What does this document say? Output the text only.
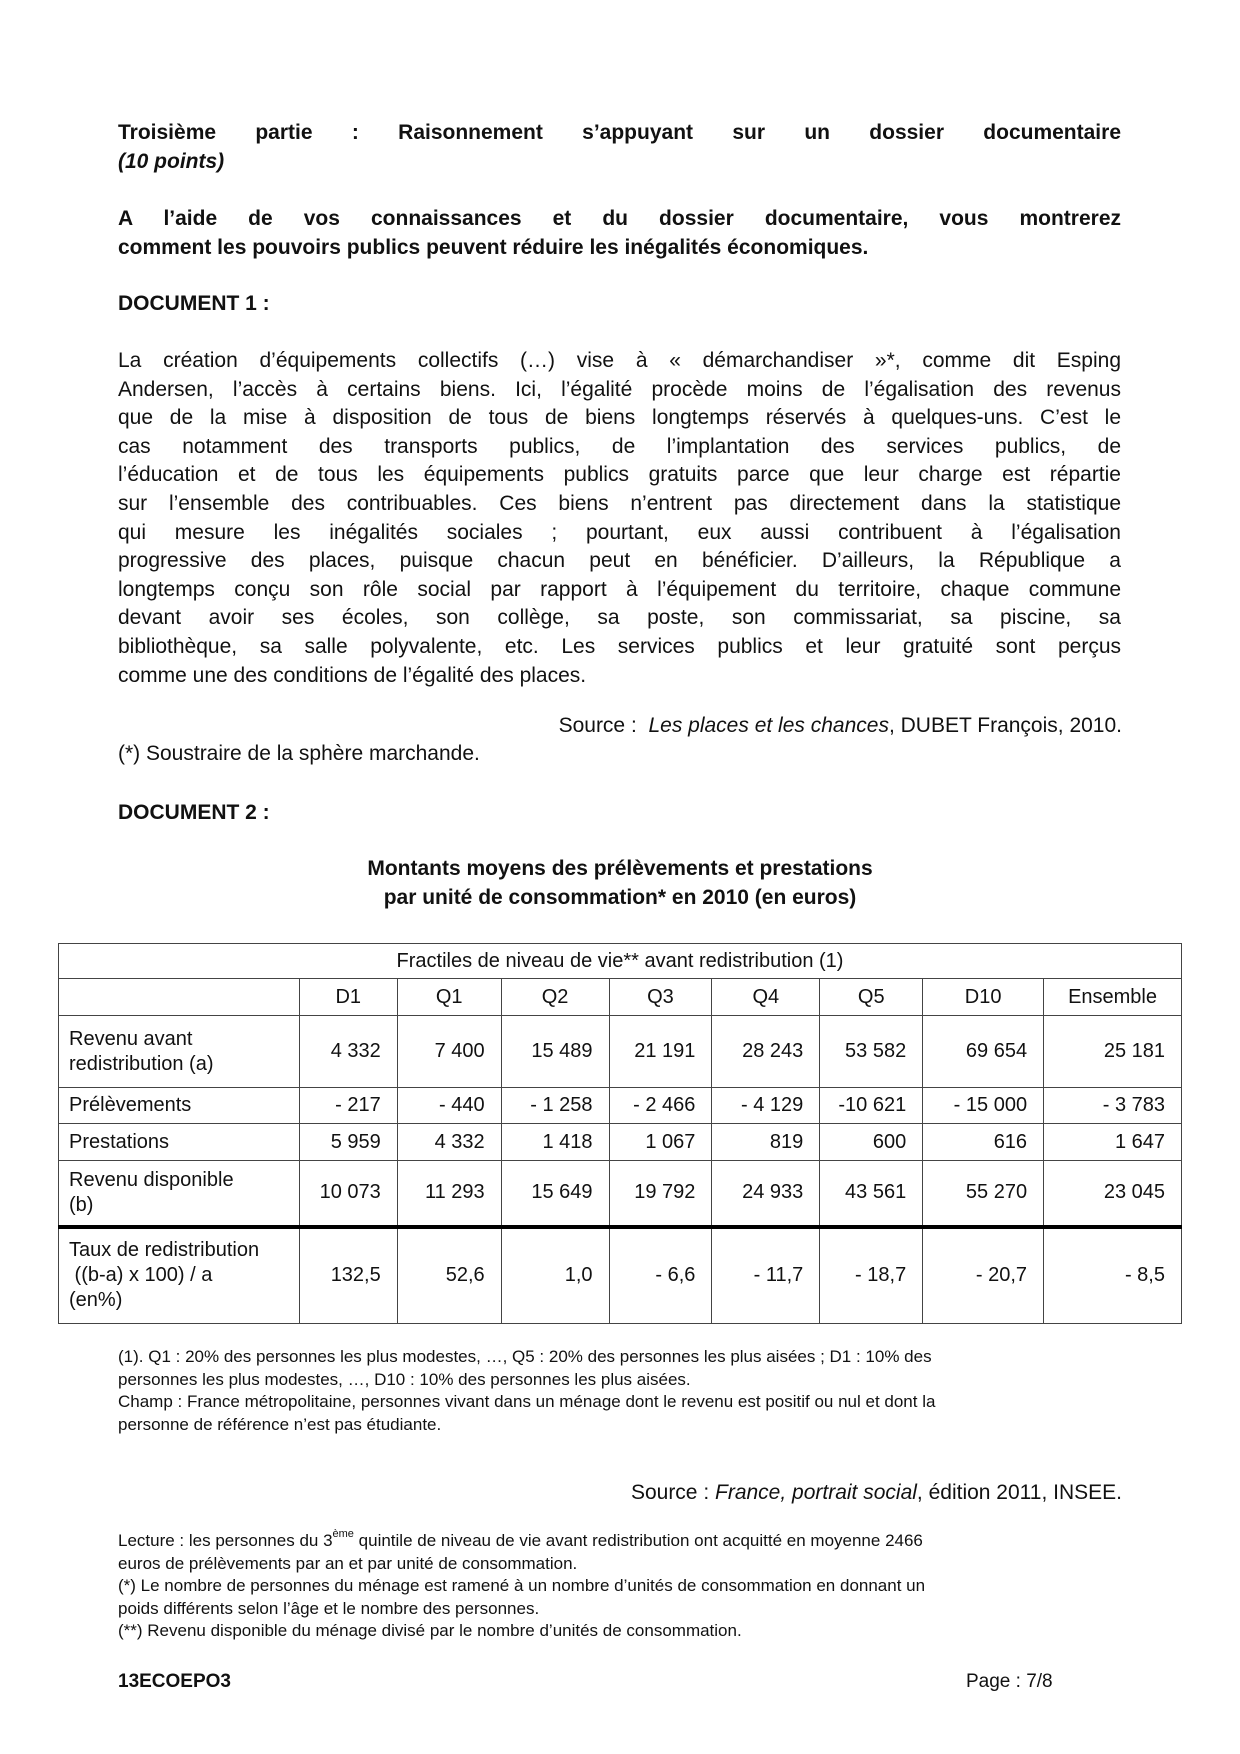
Troisième partie : Raisonnement s’appuyant sur un dossier documentaire
(10 points)
A l’aide de vos connaissances et du dossier documentaire, vous montrerez
comment les pouvoirs publics peuvent réduire les inégalités économiques.
DOCUMENT 1 :
La création d’équipements collectifs (…) vise à « démarchandiser »*, comme dit Esping
Andersen, l’accès à certains biens. Ici, l’égalité procède moins de l’égalisation des revenus
que de la mise à disposition de tous de biens longtemps réservés à quelques-uns. C’est le
cas notamment des transports publics, de l’implantation des services publics, de
l’éducation et de tous les équipements publics gratuits parce que leur charge est répartie
sur l’ensemble des contribuables. Ces biens n’entrent pas directement dans la statistique
qui mesure les inégalités sociales ; pourtant, eux aussi contribuent à l’égalisation
progressive des places, puisque chacun peut en bénéficier. D’ailleurs, la République a
longtemps conçu son rôle social par rapport à l’équipement du territoire, chaque commune
devant avoir ses écoles, son collège, sa poste, son commissariat, sa piscine, sa
bibliothèque, sa salle polyvalente, etc. Les services publics et leur gratuité sont perçus
comme une des conditions de l’égalité des places.
Source :  Les places et les chances, DUBET François, 2010.
(*) Soustraire de la sphère marchande.
DOCUMENT 2 :
Montants moyens des prélèvements et prestations
par unité de consommation* en 2010 (en euros)
Fractiles de niveau de vie** avant redistribution (1)								
	D1	Q1	Q2	Q3	Q4	Q5	D10	Ensemble

Revenu avant
redistribution (a)	4 332	7 400	15 489	21 191	28 243	53 582	69 654	25 181
Prélèvements	- 217	- 440	- 1 258	- 2 466	- 4 129	-10 621	- 15 000	- 3 783
Prestations	5 959	4 332	1 418	1 067	819	600	616	1 647

Revenu disponible
(b)	10 073	11 293	15 649	19 792	24 933	43 561	55 270	23 045

Taux de redistribution
((b-a) x 100) / a
(en%)	132,5	52,6	1,0	- 6,6	- 11,7	- 18,7	- 20,7	- 8,5
(1). Q1 : 20% des personnes les plus modestes, …, Q5 : 20% des personnes les plus aisées ; D1 : 10% des
personnes les plus modestes, …, D10 : 10% des personnes les plus aisées.
Champ : France métropolitaine, personnes vivant dans un ménage dont le revenu est positif ou nul et dont la
personne de référence n’est pas étudiante.
Source : France, portrait social, édition 2011, INSEE.
Lecture : les personnes du 3ème quintile de niveau de vie avant redistribution ont acquitté en moyenne 2466
euros de prélèvements par an et par unité de consommation.
(*) Le nombre de personnes du ménage est ramené à un nombre d’unités de consommation en donnant un
poids différents selon l’âge et le nombre des personnes.
(**) Revenu disponible du ménage divisé par le nombre d’unités de consommation.
13ECOEPO3	Page : 7/8
